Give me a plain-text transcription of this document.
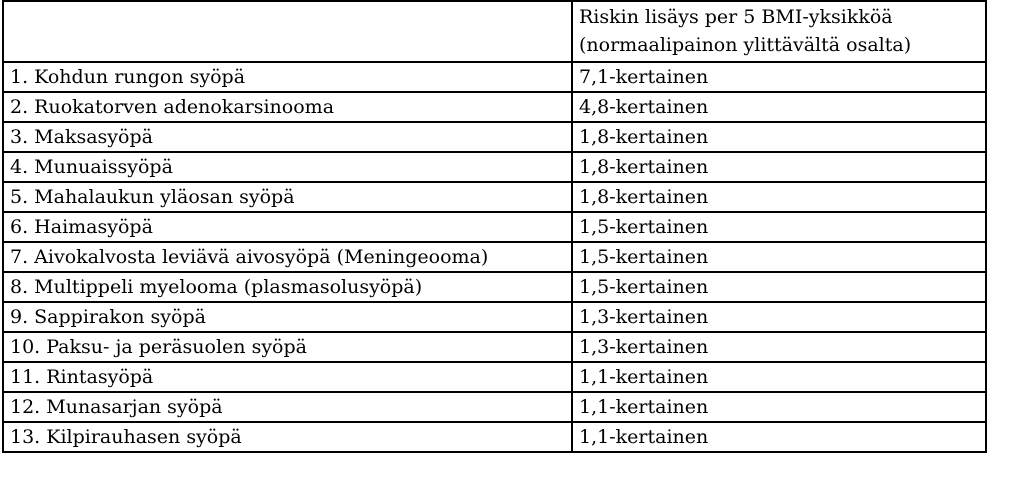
	Riskin lisäys per 5 BMI-yksikköä
(normaalipainon ylittävältä osalta)

1. Kohdun rungon syöpä	7,1-kertainen
2. Ruokatorven adenokarsinooma	4,8-kertainen
3. Maksasyöpä	1,8-kertainen
4. Munuaissyöpä	1,8-kertainen
5. Mahalaukun yläosan syöpä	1,8-kertainen
6. Haimasyöpä	1,5-kertainen
7. Aivokalvosta leviävä aivosyöpä (Meningeooma)	1,5-kertainen
8. Multippeli myelooma (plasmasolusyöpä)	1,5-kertainen
9. Sappirakon syöpä	1,3-kertainen
10. Paksu- ja peräsuolen syöpä	1,3-kertainen
11. Rintasyöpä	1,1-kertainen
12. Munasarjan syöpä	1,1-kertainen
13. Kilpirauhasen syöpä	1,1-kertainen
